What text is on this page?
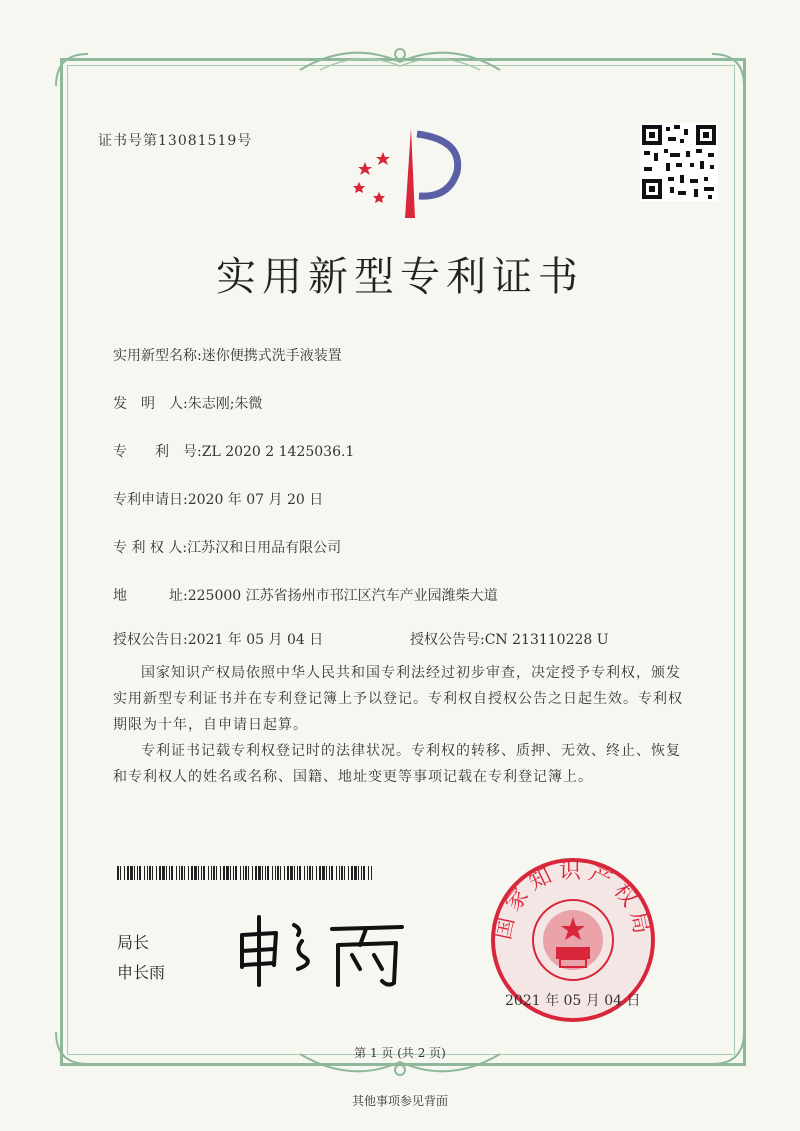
证书号第13081519号
实用新型专利证书
实用新型名称:迷你便携式洗手液装置
发　明　人:朱志刚;朱微
专　　利　号:ZL 2020 2 1425036.1
专利申请日:2020 年 07 月 20 日
专 利 权 人:江苏汉和日用品有限公司
地　　　址:225000 江苏省扬州市邗江区汽车产业园潍柴大道
授权公告日:2021 年 05 月 04 日	授权公告号:CN 213110228 U
国家知识产权局依照中华人民共和国专利法经过初步审查，决定授予专利权，颁发实用新型专利证书并在专利登记簿上予以登记。专利权自授权公告之日起生效。专利权期限为十年，自申请日起算。
专利证书记载专利权登记时的法律状况。专利权的转移、质押、无效、终止、恢复和专利权人的姓名或名称、国籍、地址变更等事项记载在专利登记簿上。
局长
申长雨
国家知识产权局
2021 年 05 月 04 日
第 1 页 (共 2 页)
其他事项参见背面
